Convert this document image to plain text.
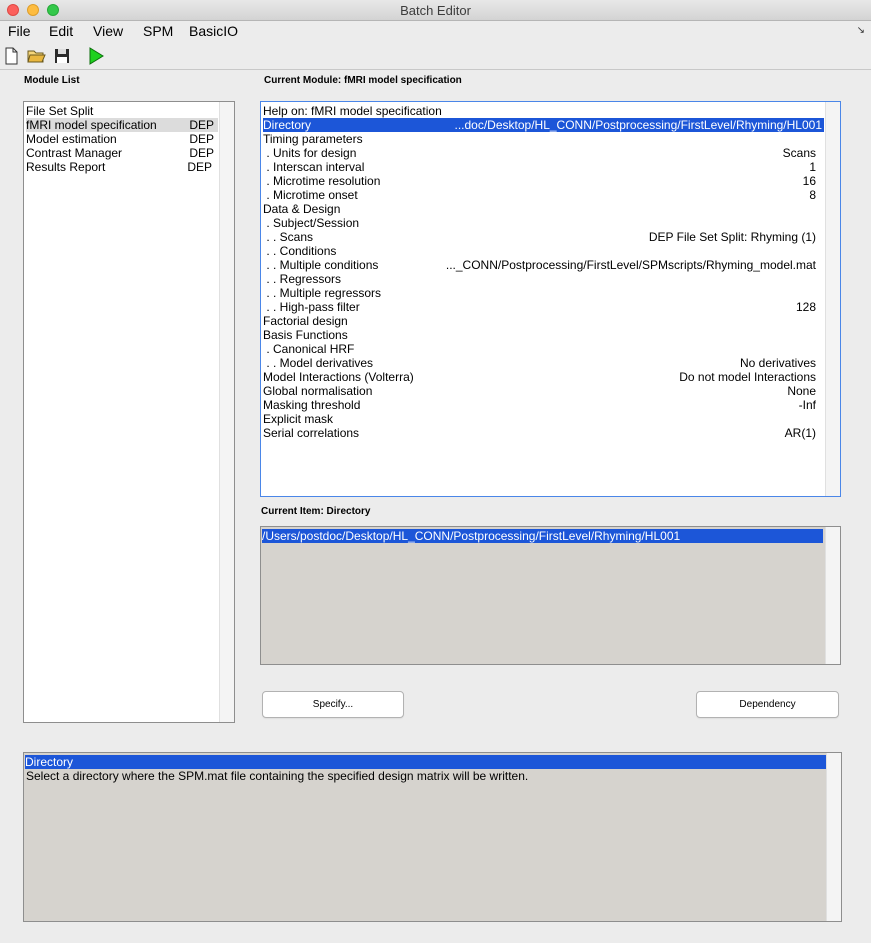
Batch Editor
File Edit View SPM BasicIO	↘
Module List
File Set Split
fMRI model specification	DEP
Model estimation	DEP
Contrast Manager	DEP
Results Report	DEP
Current Module: fMRI model specification
Help on: fMRI model specification
Directory	...doc/Desktop/HL_CONN/Postprocessing/FirstLevel/Rhyming/HL001
Timing parameters
. Units for design	Scans
. Interscan interval	1
. Microtime resolution	16
. Microtime onset	8
Data & Design
. Subject/Session
. . Scans	DEP File Set Split: Rhyming (1)
. . Conditions
. . Multiple conditions	..._CONN/Postprocessing/FirstLevel/SPMscripts/Rhyming_model.mat
. . Regressors
. . Multiple regressors
. . High-pass filter	128
Factorial design
Basis Functions
. Canonical HRF
. . Model derivatives	No derivatives
Model Interactions (Volterra)	Do not model Interactions
Global normalisation	None
Masking threshold	-Inf
Explicit mask
Serial correlations	AR(1)
Current Item: Directory
/Users/postdoc/Desktop/HL_CONN/Postprocessing/FirstLevel/Rhyming/HL001
Specify...	Dependency
Directory
Select a directory where the SPM.mat file containing the specified design matrix will be written.
